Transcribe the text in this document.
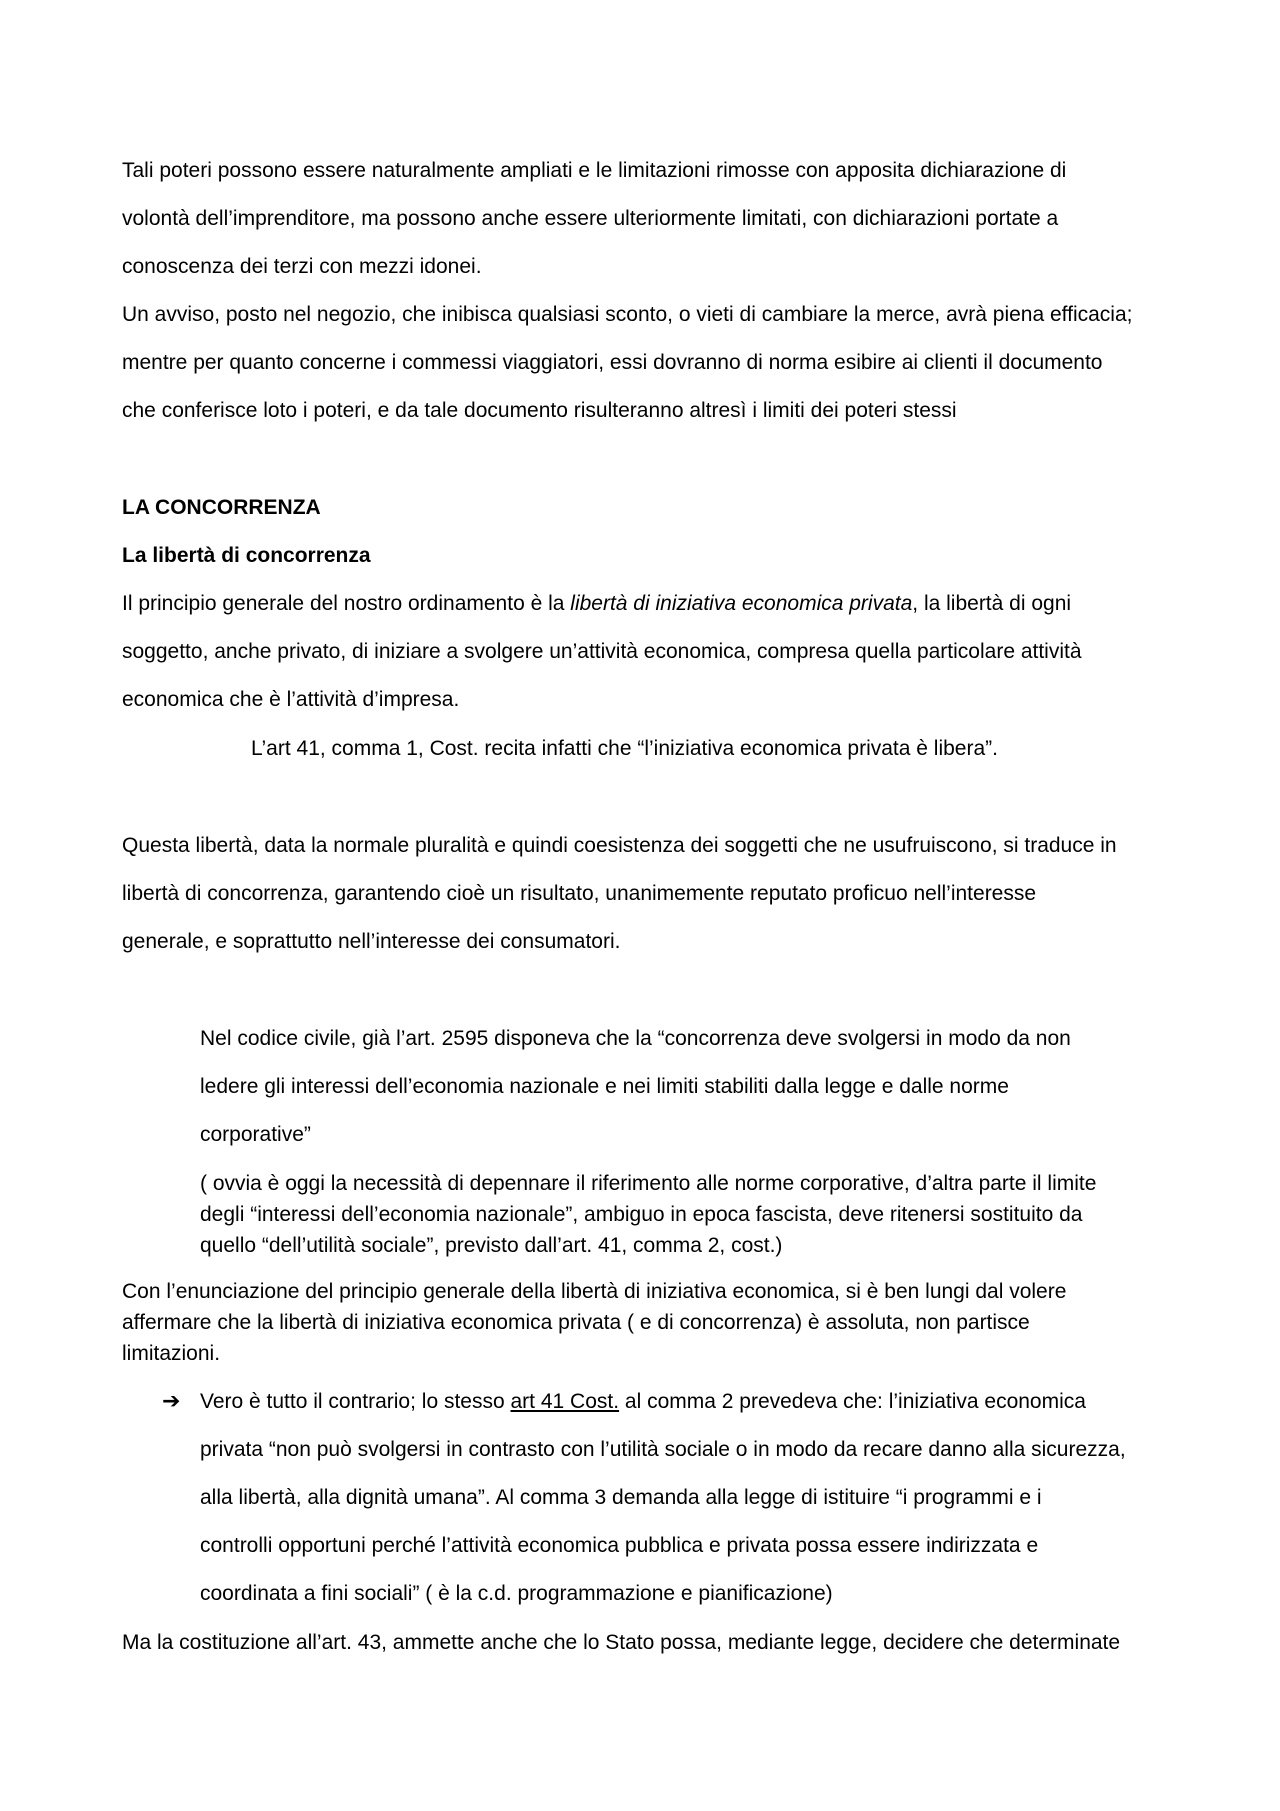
Tali poteri possono essere naturalmente ampliati e le limitazioni rimosse con apposita dichiarazione di
volontà dell’imprenditore, ma possono anche essere ulteriormente limitati, con dichiarazioni portate a
conoscenza dei terzi con mezzi idonei.
Un avviso, posto nel negozio, che inibisca qualsiasi sconto, o vieti di cambiare la merce, avrà piena efficacia;
mentre per quanto concerne i commessi viaggiatori, essi dovranno di norma esibire ai clienti il documento
che conferisce loto i poteri, e da tale documento risulteranno altresì i limiti dei poteri stessi
LA CONCORRENZA
La libertà di concorrenza
Il principio generale del nostro ordinamento è la libertà di iniziativa economica privata, la libertà di ogni
soggetto, anche privato, di iniziare a svolgere un’attività economica, compresa quella particolare attività
economica che è l’attività d’impresa.
L’art 41, comma 1, Cost. recita infatti che “l’iniziativa economica privata è libera”.
Questa libertà, data la normale pluralità e quindi coesistenza dei soggetti che ne usufruiscono, si traduce in
libertà di concorrenza, garantendo cioè un risultato, unanimemente reputato proficuo nell’interesse
generale, e soprattutto nell’interesse dei consumatori.
Nel codice civile, già l’art. 2595 disponeva che la “concorrenza deve svolgersi in modo da non
ledere gli interessi dell’economia nazionale e nei limiti stabiliti dalla legge e dalle norme
corporative”
( ovvia è oggi la necessità di depennare il riferimento alle norme corporative, d’altra parte il limite
degli “interessi dell’economia nazionale”, ambiguo in epoca fascista, deve ritenersi sostituito da
quello “dell’utilità sociale”, previsto dall’art. 41, comma 2, cost.)
Con l’enunciazione del principio generale della libertà di iniziativa economica, si è ben lungi dal volere
affermare che la libertà di iniziativa economica privata ( e di concorrenza) è assoluta, non partisce
limitazioni.
➔ Vero è tutto il contrario; lo stesso art 41 Cost. al comma 2 prevedeva che: l’iniziativa economica
privata “non può svolgersi in contrasto con l’utilità sociale o in modo da recare danno alla sicurezza,
alla libertà, alla dignità umana”. Al comma 3 demanda alla legge di istituire “i programmi e i
controlli opportuni perché l’attività economica pubblica e privata possa essere indirizzata e
coordinata a fini sociali” ( è la c.d. programmazione e pianificazione)
Ma la costituzione all’art. 43, ammette anche che lo Stato possa, mediante legge, decidere che determinate
